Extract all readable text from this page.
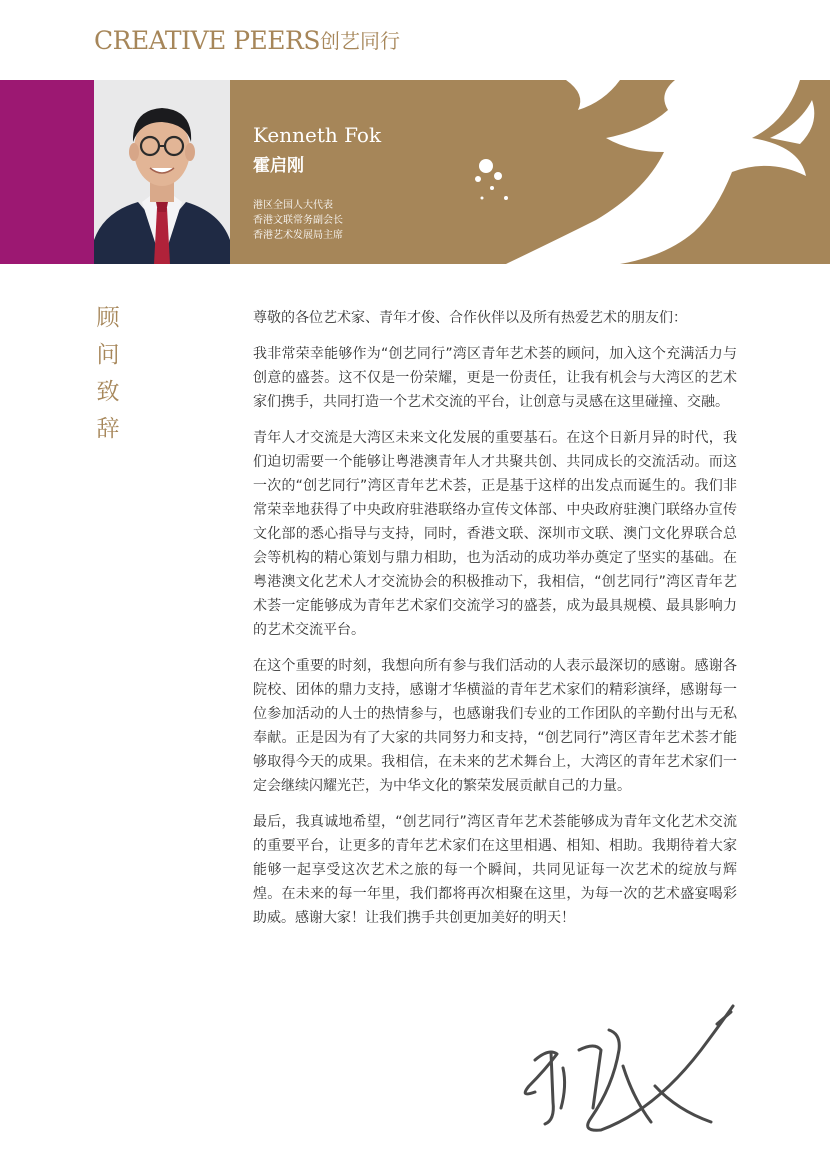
CREATIVE PEERS 创艺同行
Kenneth Fok
霍启刚
港区全国人大代表
香港文联常务副会长
香港艺术发展局主席
顾
问
致
辞

尊敬的各位艺术家、青年才俊、合作伙伴以及所有热爱艺术的朋友们：

我非常荣幸能够作为“创艺同行”湾区青年艺术荟的顾问，加入这个充满活力与创意的盛荟。这不仅是一份荣耀，更是一份责任，让我有机会与大湾区的艺术家们携手，共同打造一个艺术交流的平台，让创意与灵感在这里碰撞、交融。

青年人才交流是大湾区未来文化发展的重要基石。在这个日新月异的时代，我们迫切需要一个能够让粤港澳青年人才共聚共创、共同成长的交流活动。而这一次的“创艺同行”湾区青年艺术荟，正是基于这样的出发点而诞生的。我们非常荣幸地获得了中央政府驻港联络办宣传文体部、中央政府驻澳门联络办宣传文化部的悉心指导与支持，同时，香港文联、深圳市文联、澳门文化界联合总会等机构的精心策划与鼎力相助，也为活动的成功举办奠定了坚实的基础。在粤港澳文化艺术人才交流协会的积极推动下，我相信，“创艺同行”湾区青年艺术荟一定能够成为青年艺术家们交流学习的盛荟，成为最具规模、最具影响力的艺术交流平台。

在这个重要的时刻，我想向所有参与我们活动的人表示最深切的感谢。感谢各院校、团体的鼎力支持，感谢才华横溢的青年艺术家们的精彩演绎，感谢每一位参加活动的人士的热情参与，也感谢我们专业的工作团队的辛勤付出与无私奉献。正是因为有了大家的共同努力和支持，“创艺同行”湾区青年艺术荟才能够取得今天的成果。我相信，在未来的艺术舞台上，大湾区的青年艺术家们一定会继续闪耀光芒，为中华文化的繁荣发展贡献自己的力量。

最后，我真诚地希望，“创艺同行”湾区青年艺术荟能够成为青年文化艺术交流的重要平台，让更多的青年艺术家们在这里相遇、相知、相助。我期待着大家能够一起享受这次艺术之旅的每一个瞬间，共同见证每一次艺术的绽放与辉煌。在未来的每一年里，我们都将再次相聚在这里，为每一次的艺术盛宴喝彩助威。感谢大家！让我们携手共创更加美好的明天！
